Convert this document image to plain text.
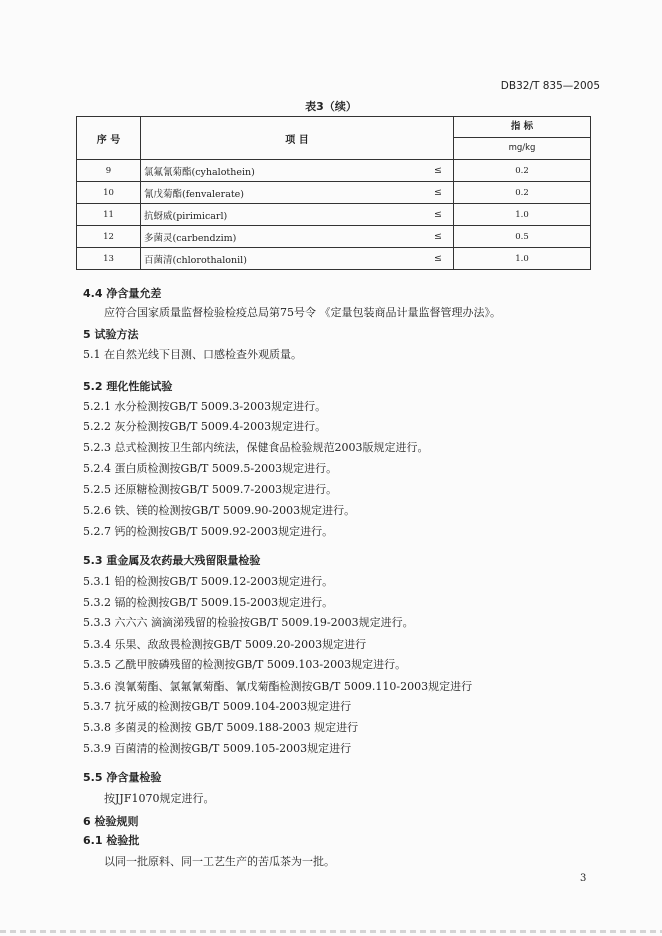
DB32/T 835—2005
表3（续）
序 号	项 目		指 标
mg/kg

9	氯氟氰菊酯(cyhalothein)	≤	0.2
10	氰戊菊酯(fenvalerate)	≤	0.2
11	抗蚜威(pirimicarl)	≤	1.0
12	多菌灵(carbendzim)	≤	0.5
13	百菌清(chlorothalonil)	≤	1.0
4.4 净含量允差
应符合国家质量监督检验检疫总局第75号令 《定量包装商品计量监督管理办法》。
5 试验方法
5.1 在自然光线下目测、口感检查外观质量。
5.2 理化性能试验
5.2.1 水分检测按GB/T 5009.3-2003规定进行。
5.2.2 灰分检测按GB/T 5009.4-2003规定进行。
5.2.3 总式检测按卫生部内统法，保健食品检验规范2003版规定进行。
5.2.4 蛋白质检测按GB/T 5009.5-2003规定进行。
5.2.5 还原糖检测按GB/T 5009.7-2003规定进行。
5.2.6 铁、镁的检测按GB/T 5009.90-2003规定进行。
5.2.7 钙的检测按GB/T 5009.92-2003规定进行。
5.3 重金属及农药最大残留限量检验
5.3.1 铅的检测按GB/T 5009.12-2003规定进行。
5.3.2 镉的检测按GB/T 5009.15-2003规定进行。
5.3.3 六六六 滴滴涕残留的检验按GB/T 5009.19-2003规定进行。
5.3.4 乐果、敌敌畏检测按GB/T 5009.20-2003规定进行
5.3.5 乙酰甲胺磷残留的检测按GB/T 5009.103-2003规定进行。
5.3.6 溴氰菊酯、氯氟氰菊酯、氰戊菊酯检测按GB/T 5009.110-2003规定进行
5.3.7 抗牙威的检测按GB/T 5009.104-2003规定进行
5.3.8 多菌灵的检测按 GB/T 5009.188-2003 规定进行
5.3.9 百菌清的检测按GB/T 5009.105-2003规定进行
5.5 净含量检验
按JJF1070规定进行。
6 检验规则
6.1 检验批
以同一批原料、同一工艺生产的苦瓜茶为一批。
3
